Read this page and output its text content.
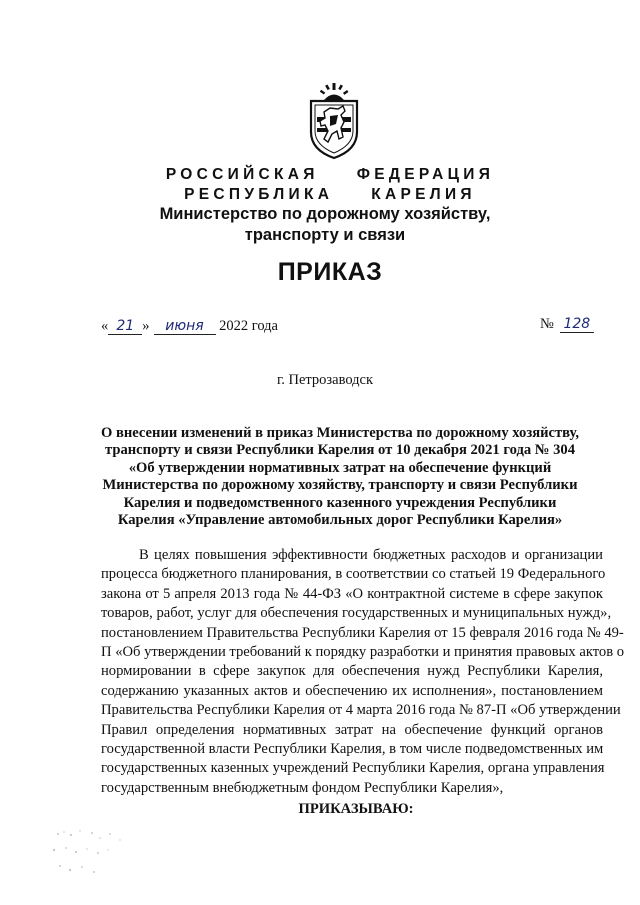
РОССИЙСКАЯ ФЕДЕРАЦИЯ
РЕСПУБЛИКА КАРЕЛИЯ
Министерство по дорожному хозяйству,
транспорту и связи
ПРИКАЗ
« 21 » июня 2022 года	№ 128
г. Петрозаводск
О внесении изменений в приказ Министерства по дорожному хозяйству,
транспорту и связи Республики Карелия от 10 декабря 2021 года № 304
«Об утверждении нормативных затрат на обеспечение функций
Министерства по дорожному хозяйству, транспорту и связи Республики
Карелия и подведомственного казенного учреждения Республики
Карелия «Управление автомобильных дорог Республики Карелия»
В целях повышения эффективности бюджетных расходов и организации
процесса бюджетного планирования, в соответствии со статьей 19 Федерального
закона от 5 апреля 2013 года № 44-ФЗ «О контрактной системе в сфере закупок
товаров, работ, услуг для обеспечения государственных и муниципальных нужд»,
постановлением Правительства Республики Карелия от 15 февраля 2016 года № 49-
П «Об утверждении требований к порядку разработки и принятия правовых актов о
нормировании в сфере закупок для обеспечения нужд Республики Карелия,
содержанию указанных актов и обеспечению их исполнения», постановлением
Правительства Республики Карелия от 4 марта 2016 года № 87-П «Об утверждении
Правил определения нормативных затрат на обеспечение функций органов
государственной власти Республики Карелия, в том числе подведомственных им
государственных казенных учреждений Республики Карелия, органа управления
государственным внебюджетным фондом Республики Карелия»,
ПРИКАЗЫВАЮ:
